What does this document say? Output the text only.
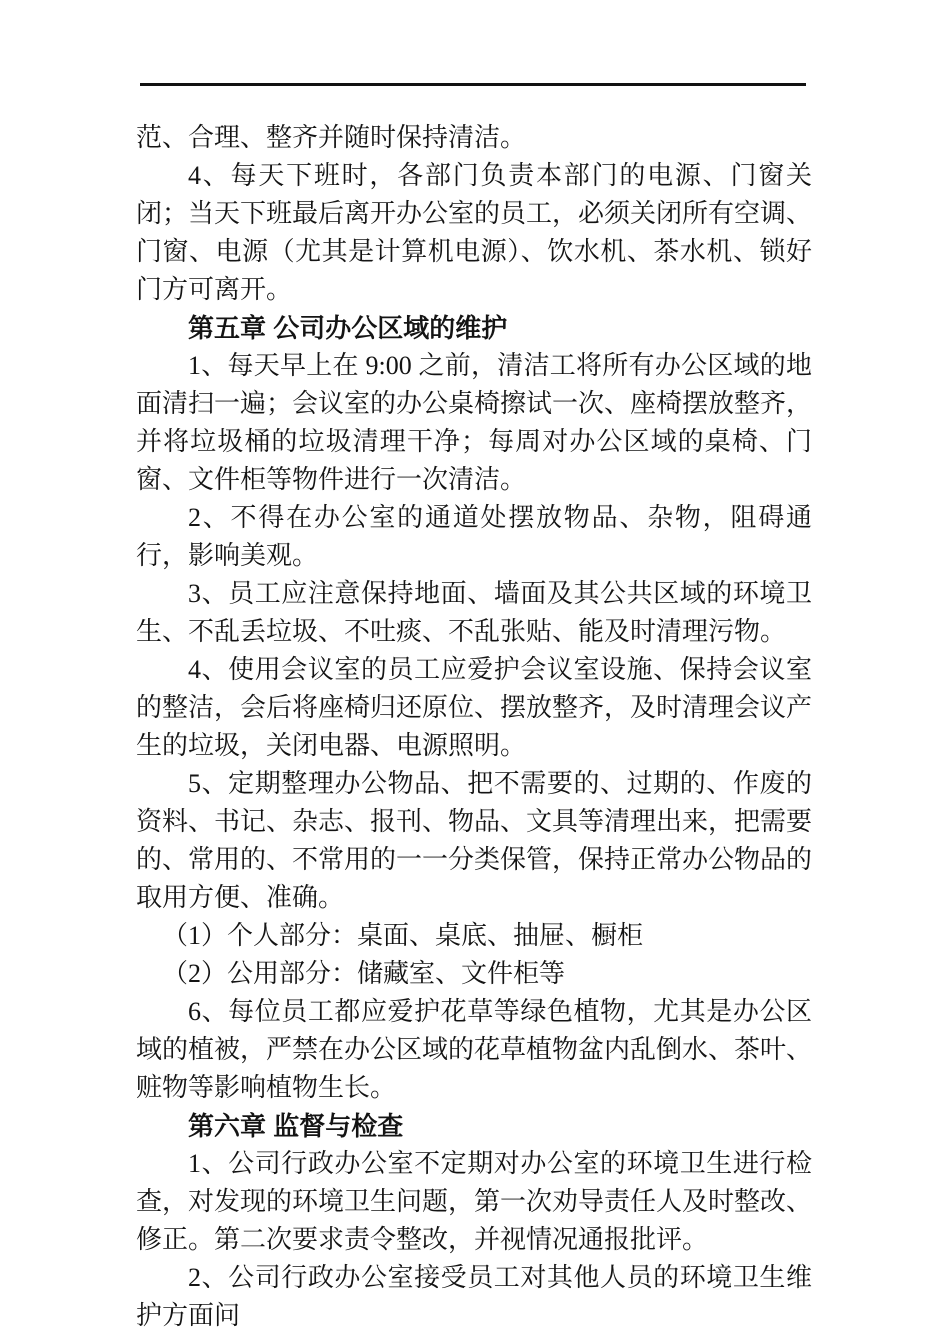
范、合理、整齐并随时保持清洁。

4、每天下班时，各部门负责本部门的电源、门窗关闭；当天下班最后离开办公室的员工，必须关闭所有空调、门窗、电源（尤其是计算机电源）、饮水机、茶水机、锁好门方可离开。

第五章 公司办公区域的维护

1、每天早上在 9:00 之前，清洁工将所有办公区域的地面清扫一遍；会议室的办公桌椅擦试一次、座椅摆放整齐，并将垃圾桶的垃圾清理干净；每周对办公区域的桌椅、门窗、文件柜等物件进行一次清洁。

2、不得在办公室的通道处摆放物品、杂物，阻碍通行，影响美观。

3、员工应注意保持地面、墙面及其公共区域的环境卫生、不乱丢垃圾、不吐痰、不乱张贴、能及时清理污物。

4、使用会议室的员工应爱护会议室设施、保持会议室的整洁，会后将座椅归还原位、摆放整齐，及时清理会议产生的垃圾，关闭电器、电源照明。

5、定期整理办公物品、把不需要的、过期的、作废的资料、书记、杂志、报刊、物品、文具等清理出来，把需要的、常用的、不常用的一一分类保管，保持正常办公物品的取用方便、准确。

（1）个人部分：桌面、桌底、抽屉、橱柜

（2）公用部分：储藏室、文件柜等

6、每位员工都应爱护花草等绿色植物，尤其是办公区域的植被，严禁在办公区域的花草植物盆内乱倒水、茶叶、赃物等影响植物生长。

第六章 监督与检查

1、公司行政办公室不定期对办公室的环境卫生进行检查，对发现的环境卫生问题，第一次劝导责任人及时整改、修正。第二次要求责令整改，并视情况通报批评。

2、公司行政办公室接受员工对其他人员的环境卫生维护方面问
